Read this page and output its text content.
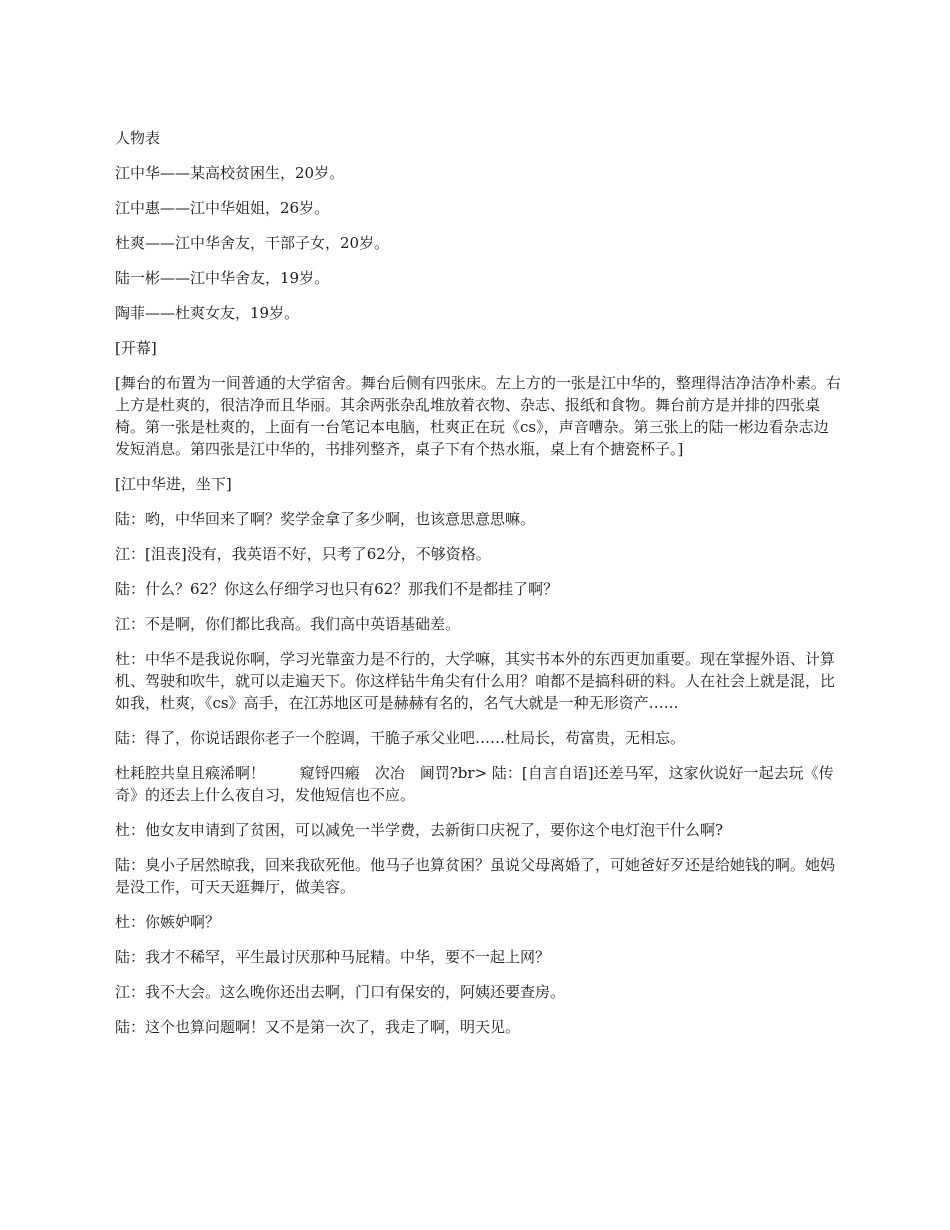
人物表

江中华——某高校贫困生，20岁。

江中惠——江中华姐姐，26岁。

杜爽——江中华舍友，干部子女，20岁。

陆一彬——江中华舍友，19岁。

陶菲——杜爽女友，19岁。

[开幕]

[舞台的布置为一间普通的大学宿舍。舞台后侧有四张床。左上方的一张是江中华的，整理得洁净洁净朴素。右上方是杜爽的，很洁净而且华丽。其余两张杂乱堆放着衣物、杂志、报纸和食物。舞台前方是并排的四张桌椅。第一张是杜爽的，上面有一台笔记本电脑，杜爽正在玩《cs》，声音嘈杂。第三张上的陆一彬边看杂志边发短消息。第四张是江中华的，书排列整齐，桌子下有个热水瓶，桌上有个搪瓷杯子。]

[江中华进，坐下]

陆：哟，中华回来了啊？奖学金拿了多少啊，也该意思意思嘛。

江：[沮丧]没有，我英语不好，只考了62分，不够资格。

陆：什么？62？你这么仔细学习也只有62？那我们不是都挂了啊？

江：不是啊，你们都比我高。我们高中英语基础差。

杜：中华不是我说你啊，学习光靠蛮力是不行的，大学嘛，其实书本外的东西更加重要。现在掌握外语、计算机、驾驶和吹牛，就可以走遍天下。你这样钻牛角尖有什么用？咱都不是搞科研的料。人在社会上就是混，比如我，杜爽，《cs》高手，在江苏地区可是赫赫有名的，名气大就是一种无形资产……

陆：得了，你说话跟你老子一个腔调，干脆子承父业吧……杜局长，苟富贵，无相忘。

杜耗腔共皇且瘊浠啊！　　 窥锊四瘢　次冶　阃罚?br> 陆：[自言自语]还差马军，这家伙说好一起去玩《传奇》的还去上什么夜自习，发他短信也不应。

杜：他女友申请到了贫困，可以减免一半学费，去新街口庆祝了，要你这个电灯泡干什么啊?

陆：臭小子居然晾我，回来我砍死他。他马子也算贫困？虽说父母离婚了，可她爸好歹还是给她钱的啊。她妈是没工作，可天天逛舞厅，做美容。

杜：你嫉妒啊？

陆：我才不稀罕，平生最讨厌那种马屁精。中华，要不一起上网？

江：我不大会。这么晚你还出去啊，门口有保安的，阿姨还要查房。

陆：这个也算问题啊！又不是第一次了，我走了啊，明天见。
